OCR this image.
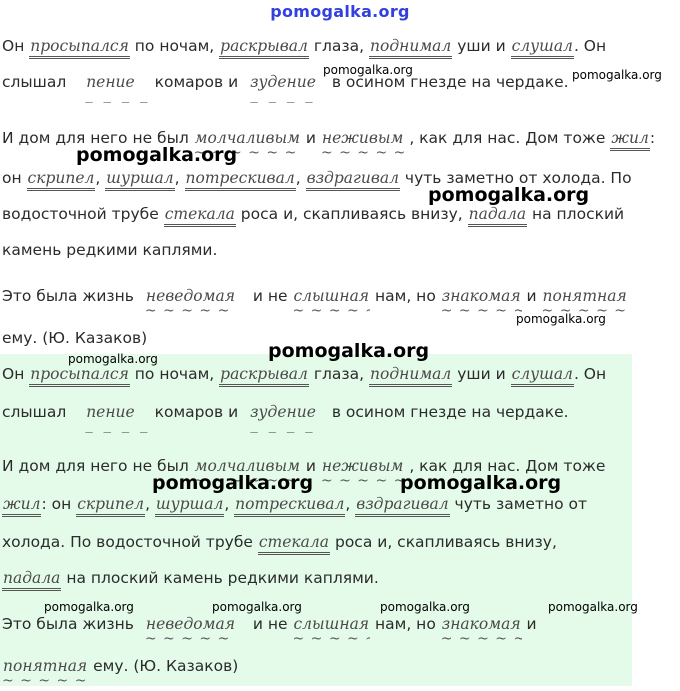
pomogalka.org
Он просыпался по ночам, раскрывал глаза, поднимал уши и слушал. Он
слышал пение _ _ _ _ комаров и зудение _ _ _ _ в осином гнезде на чердаке.
И дом для него не был молчаливым ~ ~ ~ и неживым ~ ~ ~ , как для нас. Дом тоже жил:
он скрипел, шуршал, потрескивал, вздрагивал чуть заметно от холода. По
водосточной трубе стекала роса и, скапливаясь внизу, падала на плоский
камень редкими каплями.
Это была жизнь неведомая ~ ~ ~ и не слышная ~ ~ ~ нам, но знакомая ~ ~ ~ и понятная ~ ~ ~
ему. (Ю. Казаков)
Он просыпался по ночам, раскрывал глаза, поднимал уши и слушал. Он
слышал пение _ _ _ _ комаров и зудение _ _ _ _ в осином гнезде на чердаке.
И дом для него не был молчаливым ~ ~ ~ и неживым ~ ~ ~ , как для нас. Дом тоже
жил: он скрипел, шуршал, потрескивал, вздрагивал чуть заметно от
холода. По водосточной трубе стекала роса и, скапливаясь внизу,
падала на плоский камень редкими каплями.
Это была жизнь неведомая ~ ~ ~ и не слышная ~ ~ ~ нам, но знакомая ~ ~ ~ и
понятная ~ ~ ~ ему. (Ю. Казаков)
pomogalka.org	pomogalka.org
pomogalka.org
pomogalka.org
pomogalka.org
pomogalka.org
pomogalka.org
pomogalka.org	pomogalka.org
pomogalka.org	pomogalka.org	pomogalka.org	pomogalka.org
